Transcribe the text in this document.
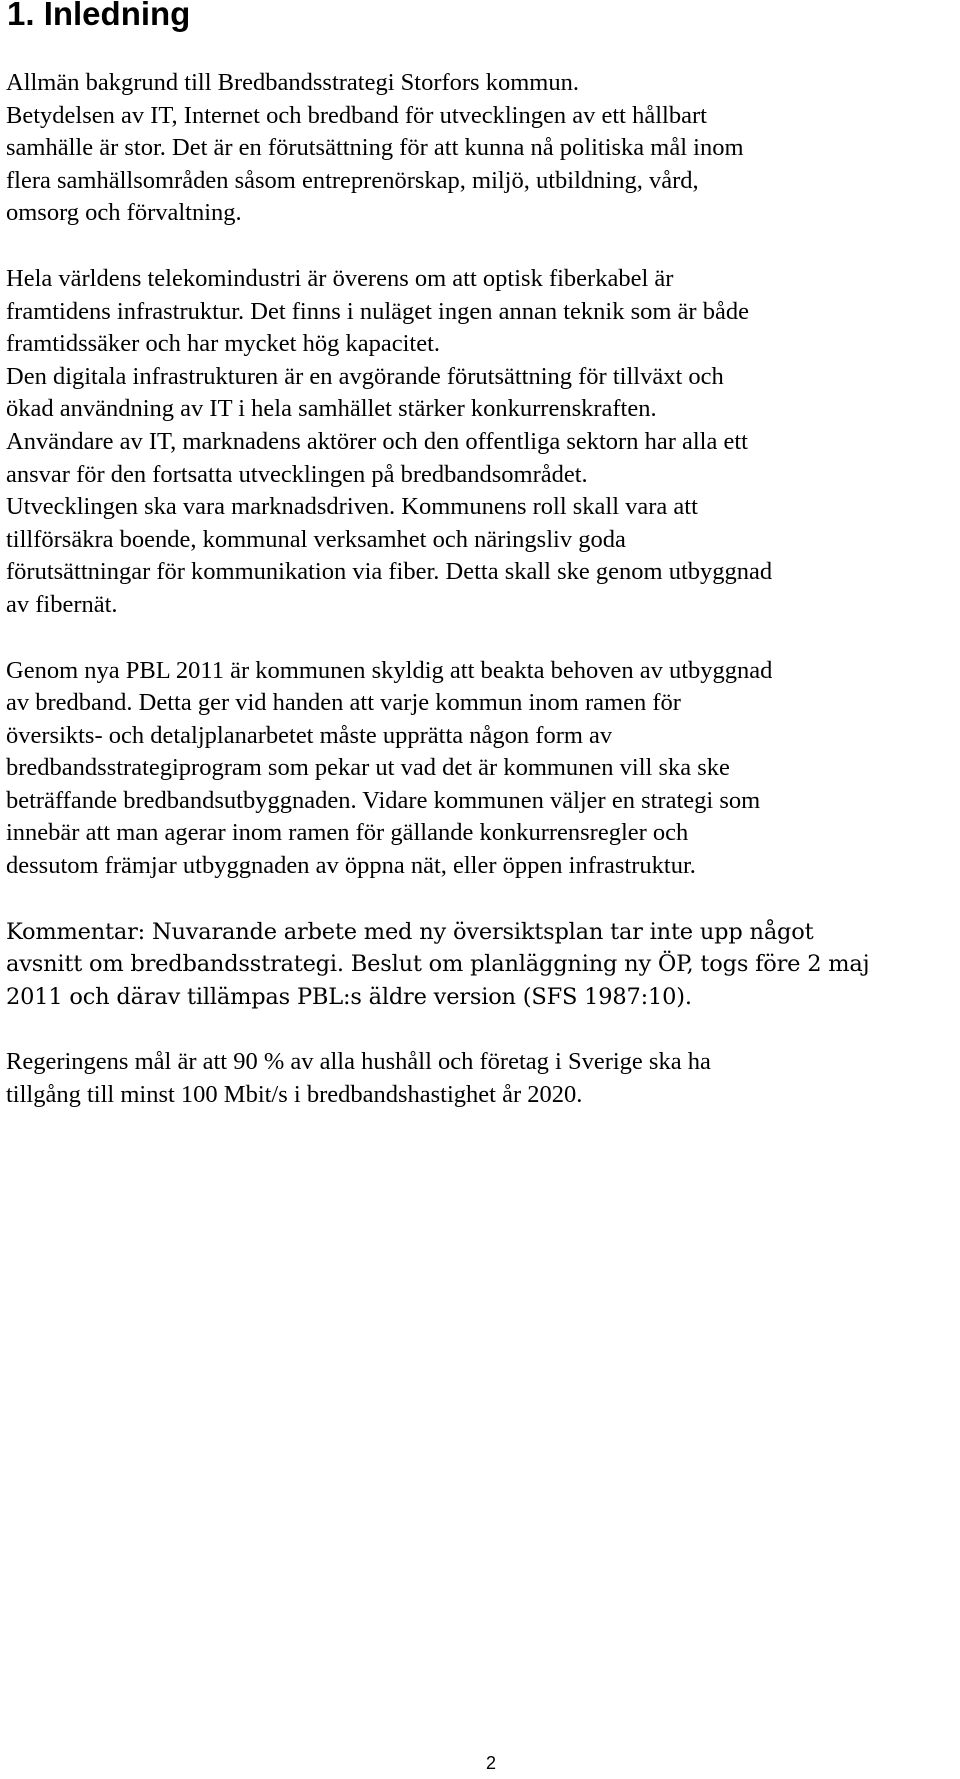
1. Inledning

Allmän bakgrund till Bredbandsstrategi Storfors kommun.
Betydelsen av IT, Internet och bredband för utvecklingen av ett hållbart
samhälle är stor. Det är en förutsättning för att kunna nå politiska mål inom
flera samhällsområden såsom entreprenörskap, miljö, utbildning, vård,
omsorg och förvaltning.

Hela världens telekomindustri är överens om att optisk fiberkabel är
framtidens infrastruktur. Det finns i nuläget ingen annan teknik som är både
framtidssäker och har mycket hög kapacitet.
Den digitala infrastrukturen är en avgörande förutsättning för tillväxt och
ökad användning av IT i hela samhället stärker konkurrenskraften.
Användare av IT, marknadens aktörer och den offentliga sektorn har alla ett
ansvar för den fortsatta utvecklingen på bredbandsområdet.
Utvecklingen ska vara marknadsdriven. Kommunens roll skall vara att
tillförsäkra boende, kommunal verksamhet och näringsliv goda
förutsättningar för kommunikation via fiber. Detta skall ske genom utbyggnad
av fibernät.

Genom nya PBL 2011 är kommunen skyldig att beakta behoven av utbyggnad
av bredband. Detta ger vid handen att varje kommun inom ramen för
översikts- och detaljplanarbetet måste upprätta någon form av
bredbandsstrategiprogram som pekar ut vad det är kommunen vill ska ske
beträffande bredbandsutbyggnaden. Vidare kommunen väljer en strategi som
innebär att man agerar inom ramen för gällande konkurrensregler och
dessutom främjar utbyggnaden av öppna nät, eller öppen infrastruktur.

Kommentar: Nuvarande arbete med ny översiktsplan tar inte upp något
avsnitt om bredbandsstrategi. Beslut om planläggning ny ÖP, togs före 2 maj
2011 och därav tillämpas PBL:s äldre version (SFS 1987:10).

Regeringens mål är att 90 % av alla hushåll och företag i Sverige ska ha
tillgång till minst 100 Mbit/s i bredbandshastighet år 2020.

2
